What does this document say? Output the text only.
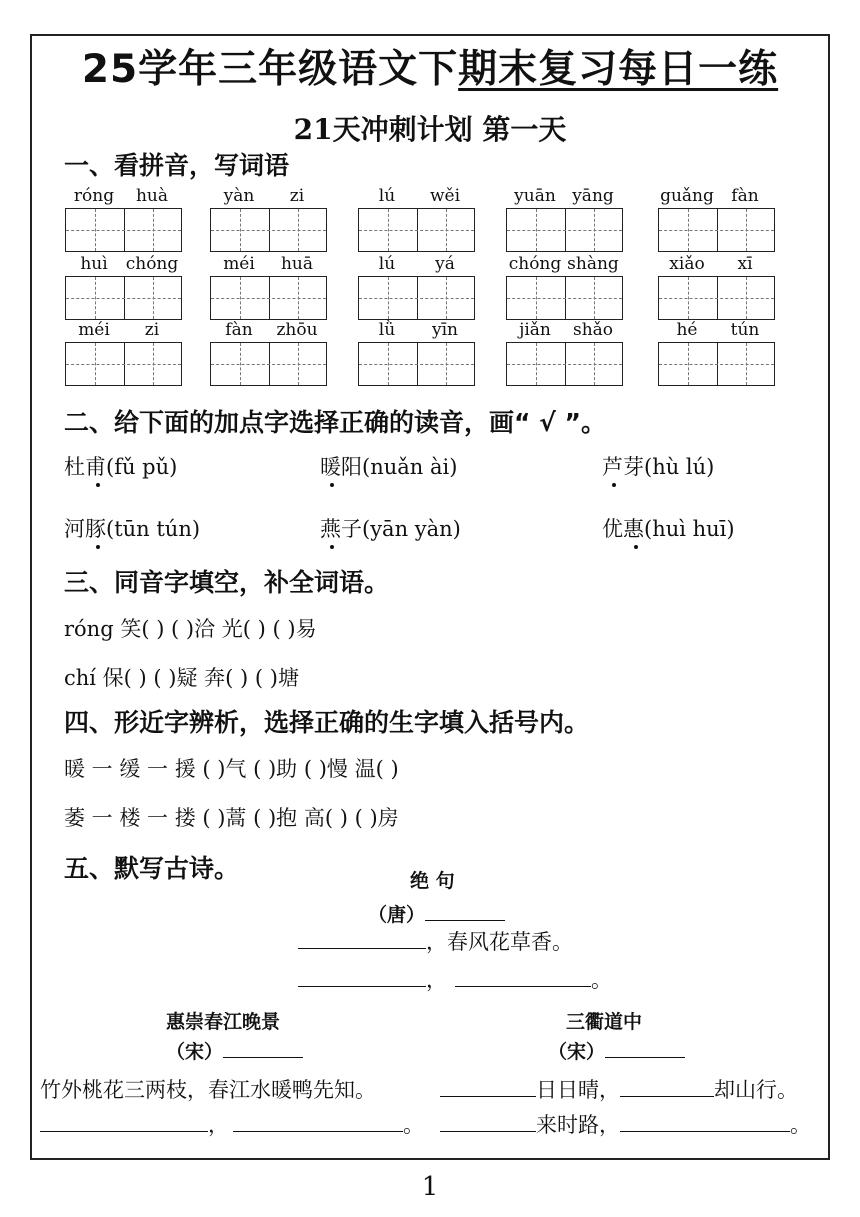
25学年三年级语文下期末复习每日一练
21天冲刺计划 第一天
一、看拼音，写词语
róng	huà	yàn	zi	lú	wěi	yuān yāng	guǎng	fàn
huì	chóng	méi	huā	lú	yá	chóng shàng	xiǎo	xī
méi	zi	fàn	zhōu	lǜ	yīn	jiǎn	shǎo	hé	tún
二、给下面的加点字选择正确的读音，画“ √ ”。
杜甫(fǔ pǔ)	暖阳(nuǎn ài)	芦芽(hù lú)
河豚(tūn tún)	燕子(yān yàn)	优惠(huì huī)
三、同音字填空，补全词语。
róng 笑( ) ( )洽 光( ) ( )易
chí 保( ) ( )疑 奔( ) ( )塘
四、形近字辨析，选择正确的生字填入括号内。
暖 一 缓 一 援 ( )气 ( )助 ( )慢 温( )
萎 一 楼 一 搂 ( )蒿 ( )抱 高( ) ( )房
五、默写古诗。	绝 句
（唐）
，春风花草香。
，	。
惠崇春江晚景
（宋）
竹外桃花三两枝，春江水暖鸭先知。
，	。
三衢道中
（宋）
日日晴，	却山行。
来时路，	。
1
